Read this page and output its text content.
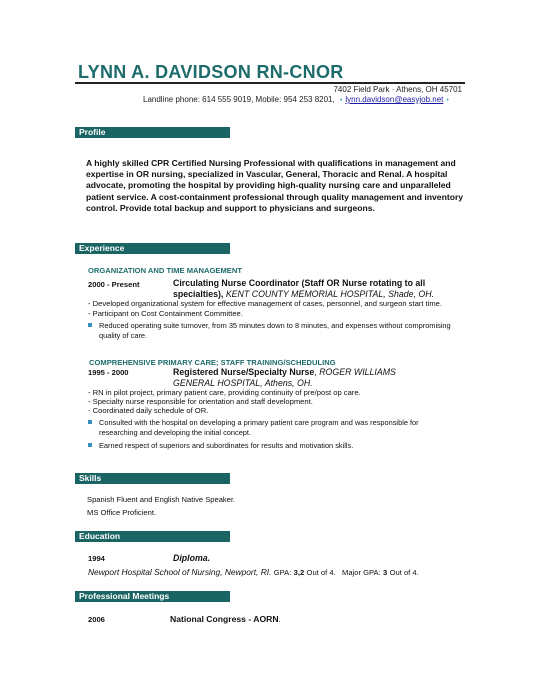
LYNN A. DAVIDSON RN-CNOR
7402 Field Park · Athens, OH 45701
Landline phone: 614 555 9019, Mobile: 954 253 8201, • lynn.davidson@easyjob.net •
Profile
A highly skilled CPR Certified Nursing Professional with qualifications in management and expertise in OR nursing, specialized in Vascular, General, Thoracic and Renal. A hospital advocate, promoting the hospital by providing high-quality nursing care and unparalleled patient service. A cost-containment professional through quality management and inventory control. Provide total backup and support to physicians and surgeons.
Experience
ORGANIZATION AND TIME MANAGEMENT
2000 - Present	Circulating Nurse Coordinator (Staff OR Nurse rotating to all specialties), KENT COUNTY MEMORIAL HOSPITAL, Shade, OH.
- Developed organizational system for effective management of cases, personnel, and surgeon start time.
- Participant on Cost Containment Committee.
Reduced operating suite turnover, from 35 minutes down to 8 minutes, and expenses without compromising quality of care.
COMPREHENSIVE PRIMARY CARE; STAFF TRAINING/SCHEDULING
1995 - 2000	Registered Nurse/Specialty Nurse, ROGER WILLIAMS GENERAL HOSPITAL, Athens, OH.
- RN in pilot project, primary patient care, providing continuity of pre/post op care.
- Specialty nurse responsible for orientation and staff development.
- Coordinated daily schedule of OR.
Consulted with the hospital on developing a primary patient care program and was responsible for researching and developing the initial concept.
Earned respect of superiors and subordinates for results and motivation skills.
Skills
Spanish Fluent and English Native Speaker.
MS Office Proficient.
Education
1994	Diploma.
Newport Hospital School of Nursing, Newport, RI. GPA: 3,2 Out of 4. Major GPA: 3 Out of 4.
Professional Meetings
2006	National Congress - AORN.
